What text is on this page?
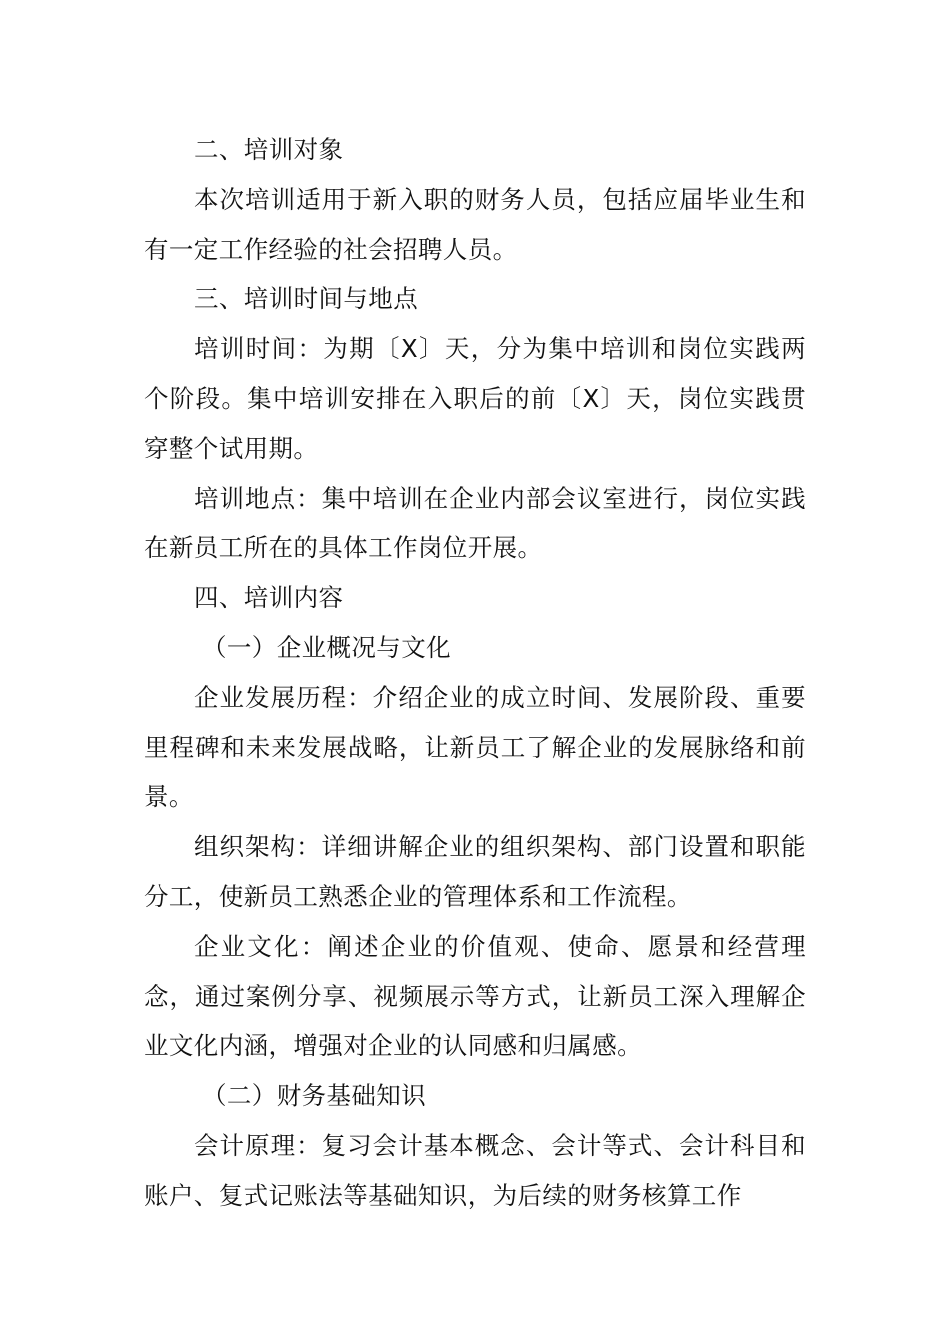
二、培训对象

本次培训适用于新入职的财务人员，包括应届毕业生和有一定工作经验的社会招聘人员。

三、培训时间与地点

培训时间：为期〔X〕天，分为集中培训和岗位实践两个阶段。集中培训安排在入职后的前〔X〕天，岗位实践贯穿整个试用期。

培训地点：集中培训在企业内部会议室进行，岗位实践在新员工所在的具体工作岗位开展。

四、培训内容

（一）企业概况与文化

企业发展历程：介绍企业的成立时间、发展阶段、重要里程碑和未来发展战略，让新员工了解企业的发展脉络和前景。

组织架构：详细讲解企业的组织架构、部门设置和职能分工，使新员工熟悉企业的管理体系和工作流程。

企业文化：阐述企业的价值观、使命、愿景和经营理念，通过案例分享、视频展示等方式，让新员工深入理解企业文化内涵，增强对企业的认同感和归属感。

（二）财务基础知识

会计原理：复习会计基本概念、会计等式、会计科目和账户、复式记账法等基础知识，为后续的财务核算工作
